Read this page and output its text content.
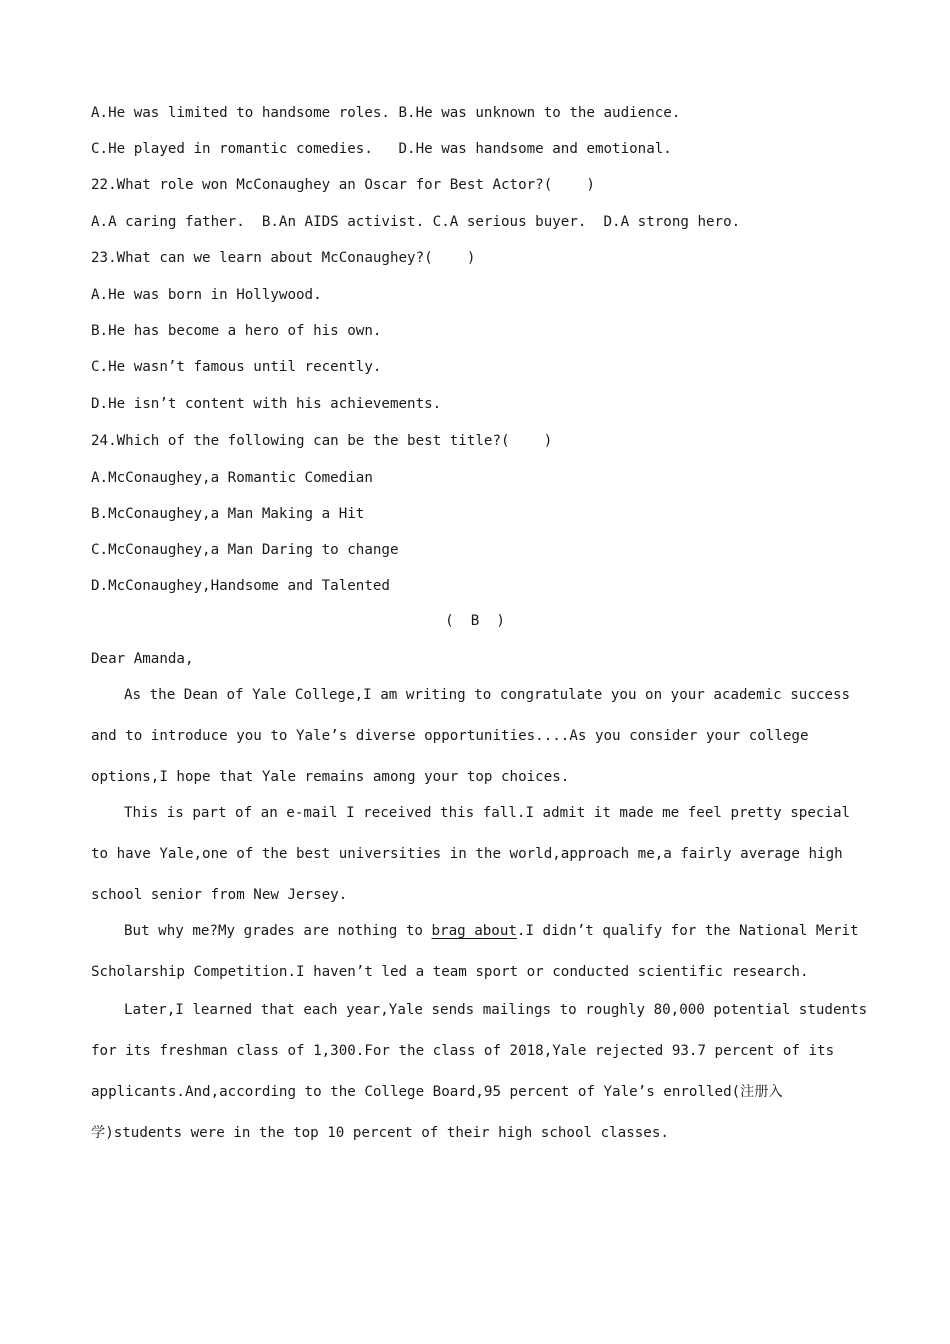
A.He was limited to handsome roles. B.He was unknown to the audience.
C.He played in romantic comedies.   D.He was handsome and emotional.
22.What role won McConaughey an Oscar for Best Actor?(    )
A.A caring father.  B.An AIDS activist. C.A serious buyer.  D.A strong hero.
23.What can we learn about McConaughey?(    )
A.He was born in Hollywood.
B.He has become a hero of his own.
C.He wasn’t famous until recently.
D.He isn’t content with his achievements.
24.Which of the following can be the best title?(    )
A.McConaughey,a Romantic Comedian
B.McConaughey,a Man Making a Hit
C.McConaughey,a Man Daring to change
D.McConaughey,Handsome and Talented
(  B  )
Dear Amanda,
As the Dean of Yale College,I am writing to congratulate you on your academic success
and to introduce you to Yale’s diverse opportunities....As you consider your college
options,I hope that Yale remains among your top choices.
This is part of an e-mail I received this fall.I admit it made me feel pretty special
to have Yale,one of the best universities in the world,approach me,a fairly average high
school senior from New Jersey.
But why me?My grades are nothing to brag about.I didn’t qualify for the National Merit
Scholarship Competition.I haven’t led a team sport or conducted scientific research.
Later,I learned that each year,Yale sends mailings to roughly 80,000 potential students
for its freshman class of 1,300.For the class of 2018,Yale rejected 93.7 percent of its
applicants.And,according to the College Board,95 percent of Yale’s enrolled(注册入
学)students were in the top 10 percent of their high school classes.
